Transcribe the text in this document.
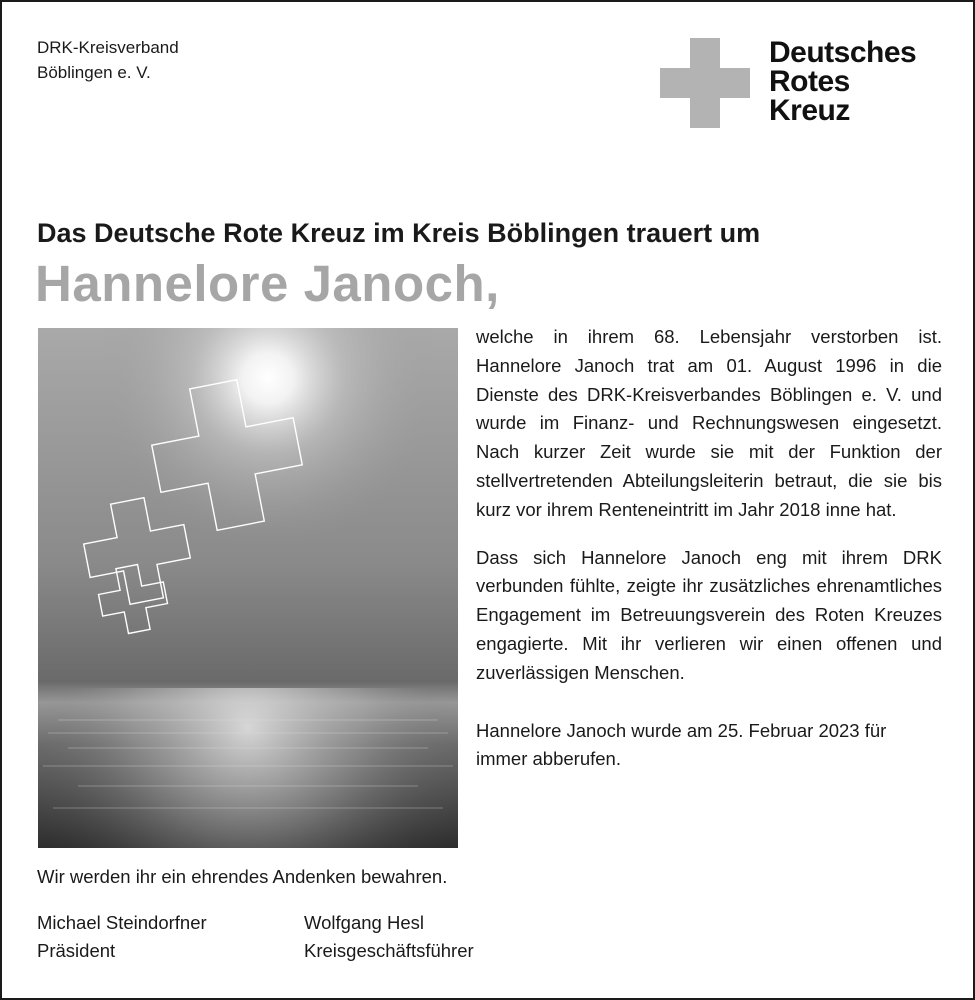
DRK-Kreisverband
Böblingen e. V.
Deutsches
Rotes
Kreuz
Das Deutsche Rote Kreuz im Kreis Böblingen trauert um
Hannelore Janoch,

welche in ihrem 68. Lebensjahr verstorben ist. Hannelore Janoch trat am 01. August 1996 in die Dienste des DRK-Kreisverbandes Böblingen e. V. und wurde im Finanz- und Rechnungswesen eingesetzt. Nach kurzer Zeit wurde sie mit der Funktion der stellvertretenden Abteilungsleiterin betraut, die sie bis kurz vor ihrem Renteneintritt im Jahr 2018 inne hat.

Dass sich Hannelore Janoch eng mit ihrem DRK verbunden fühlte, zeigte ihr zusätzliches ehrenamtliches Engagement im Betreuungsverein des Roten Kreuzes engagierte. Mit ihr verlieren wir einen offenen und zuverlässigen Menschen.

Hannelore Janoch wurde am 25. Februar 2023 für immer abberufen.

Wir werden ihr ein ehrendes Andenken bewahren.
Michael Steindorfner
Präsident
Wolfgang Hesl
Kreisgeschäftsführer
